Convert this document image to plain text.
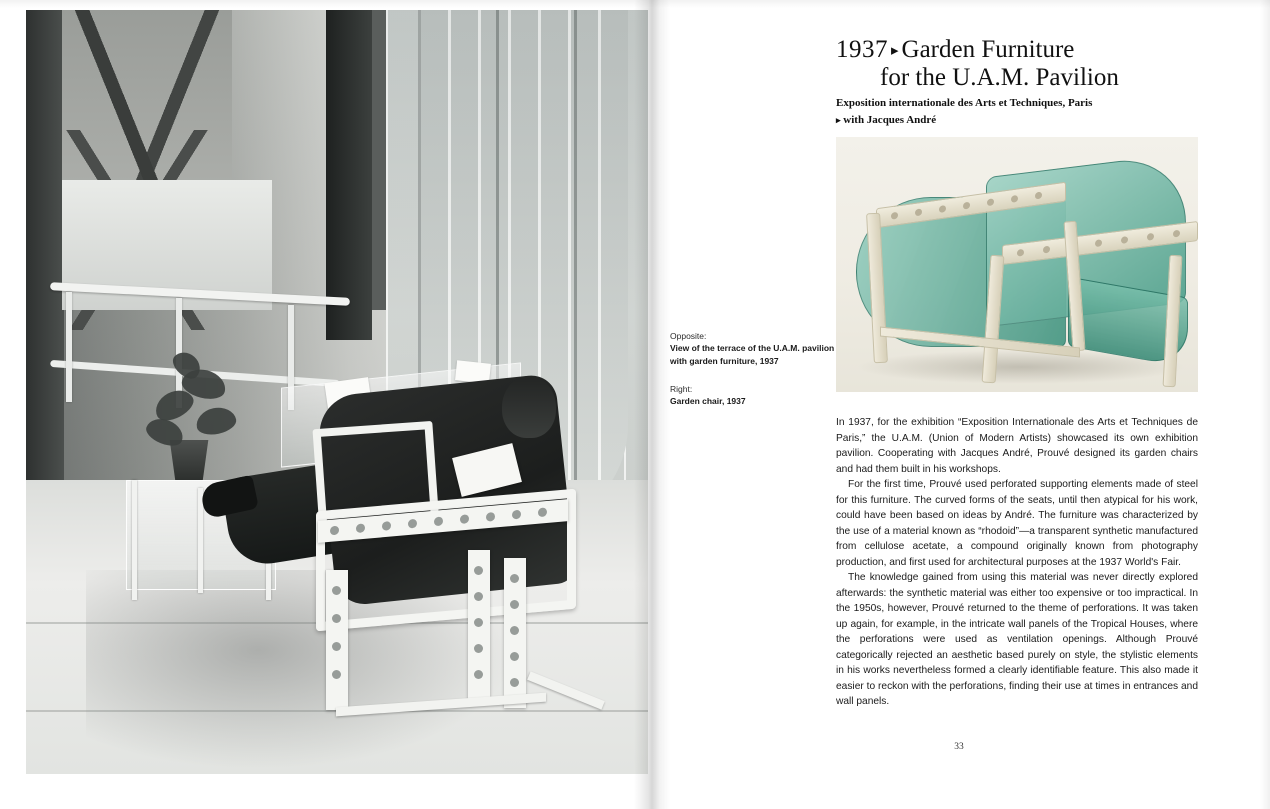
1937 ▸ Garden Furniture
for the U.A.M. Pavilion
Exposition internationale des Arts et Techniques, Paris
▸ with Jacques André
Opposite:
View of the terrace of the U.A.M. pavilion with garden furniture, 1937
Right:
Garden chair, 1937

In 1937, for the exhibition “Exposition Internationale des Arts et Techniques de Paris,” the U.A.M. (Union of Modern Artists) showcased its own exhibition pavilion. Cooperating with Jacques André, Prouvé designed its garden chairs and had them built in his workshops.

For the first time, Prouvé used perforated supporting elements made of steel for this furniture. The curved forms of the seats, until then atypical for his work, could have been based on ideas by André. The furniture was characterized by the use of a material known as “rhodoid”—a transparent synthetic manufactured from cellulose acetate, a compound originally known from photography production, and first used for architectural purposes at the 1937 World's Fair.

The knowledge gained from using this material was never directly explored afterwards: the synthetic material was either too expensive or too impractical. In the 1950s, however, Prouvé returned to the theme of perforations. It was taken up again, for example, in the intricate wall panels of the Tropical Houses, where the perforations were used as ventilation openings. Although Prouvé categorically rejected an aesthetic based purely on style, the stylistic elements in his works nevertheless formed a clearly identifiable feature. This also made it easier to reckon with the perforations, finding their use at times in entrances and wall panels.

33
